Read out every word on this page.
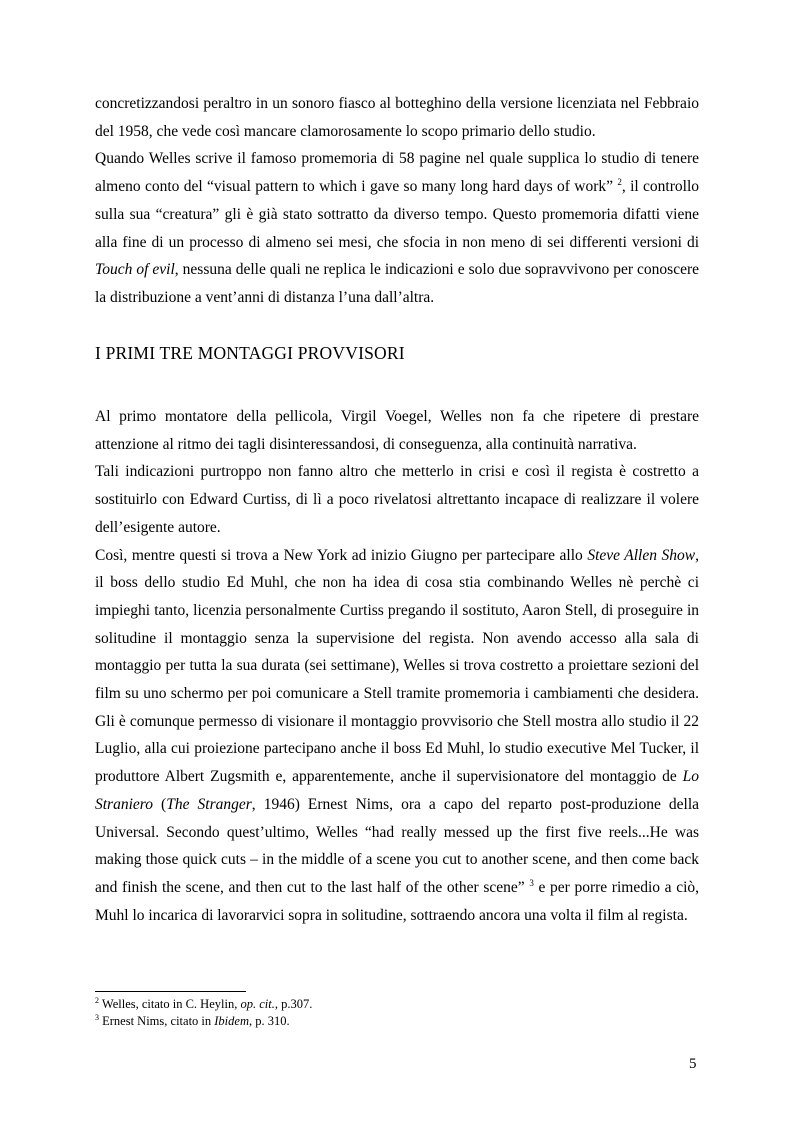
concretizzandosi peraltro in un sonoro fiasco al botteghino della versione licenziata nel Febbraio del 1958, che vede così mancare clamorosamente lo scopo primario dello studio.

Quando Welles scrive il famoso promemoria di 58 pagine nel quale supplica lo studio di tenere almeno conto del “visual pattern to which i gave so many long hard days of work” $^2$, il controllo sulla sua “creatura” gli è già stato sottratto da diverso tempo. Questo promemoria difatti viene alla fine di un processo di almeno sei mesi, che sfocia in non meno di sei differenti versioni di Touch of evil, nessuna delle quali ne replica le indicazioni e solo due sopravvivono per conoscere la distribuzione a vent’anni di distanza l’una dall’altra.

I PRIMI TRE MONTAGGI PROVVISORI

Al primo montatore della pellicola, Virgil Voegel, Welles non fa che ripetere di prestare attenzione al ritmo dei tagli disinteressandosi, di conseguenza, alla continuità narrativa.

Tali indicazioni purtroppo non fanno altro che metterlo in crisi e così il regista è costretto a sostituirlo con Edward Curtiss, di lì a poco rivelatosi altrettanto incapace di realizzare il volere dell’esigente autore.

Così, mentre questi si trova a New York ad inizio Giugno per partecipare allo Steve Allen Show, il boss dello studio Ed Muhl, che non ha idea di cosa stia combinando Welles nè perchè ci impieghi tanto, licenzia personalmente Curtiss pregando il sostituto, Aaron Stell, di proseguire in solitudine il montaggio senza la supervisione del regista. Non avendo accesso alla sala di montaggio per tutta la sua durata (sei settimane), Welles si trova costretto a proiettare sezioni del film su uno schermo per poi comunicare a Stell tramite promemoria i cambiamenti che desidera. Gli è comunque permesso di visionare il montaggio provvisorio che Stell mostra allo studio il 22 Luglio, alla cui proiezione partecipano anche il boss Ed Muhl, lo studio executive Mel Tucker, il produttore Albert Zugsmith e, apparentemente, anche il supervisionatore del montaggio de Lo Straniero (The Stranger, 1946) Ernest Nims, ora a capo del reparto post-produzione della Universal. Secondo quest’ultimo, Welles “had really messed up the first five reels...He was making those quick cuts – in the middle of a scene you cut to another scene, and then come back and finish the scene, and then cut to the last half of the other scene” $^3$ e per porre rimedio a ciò, Muhl lo incarica di lavorarvici sopra in solitudine, sottraendo ancora una volta il film al regista.

$^2$ Welles, citato in C. Heylin, op. cit., p.307.
$^3$ Ernest Nims, citato in Ibidem, p. 310.
5
